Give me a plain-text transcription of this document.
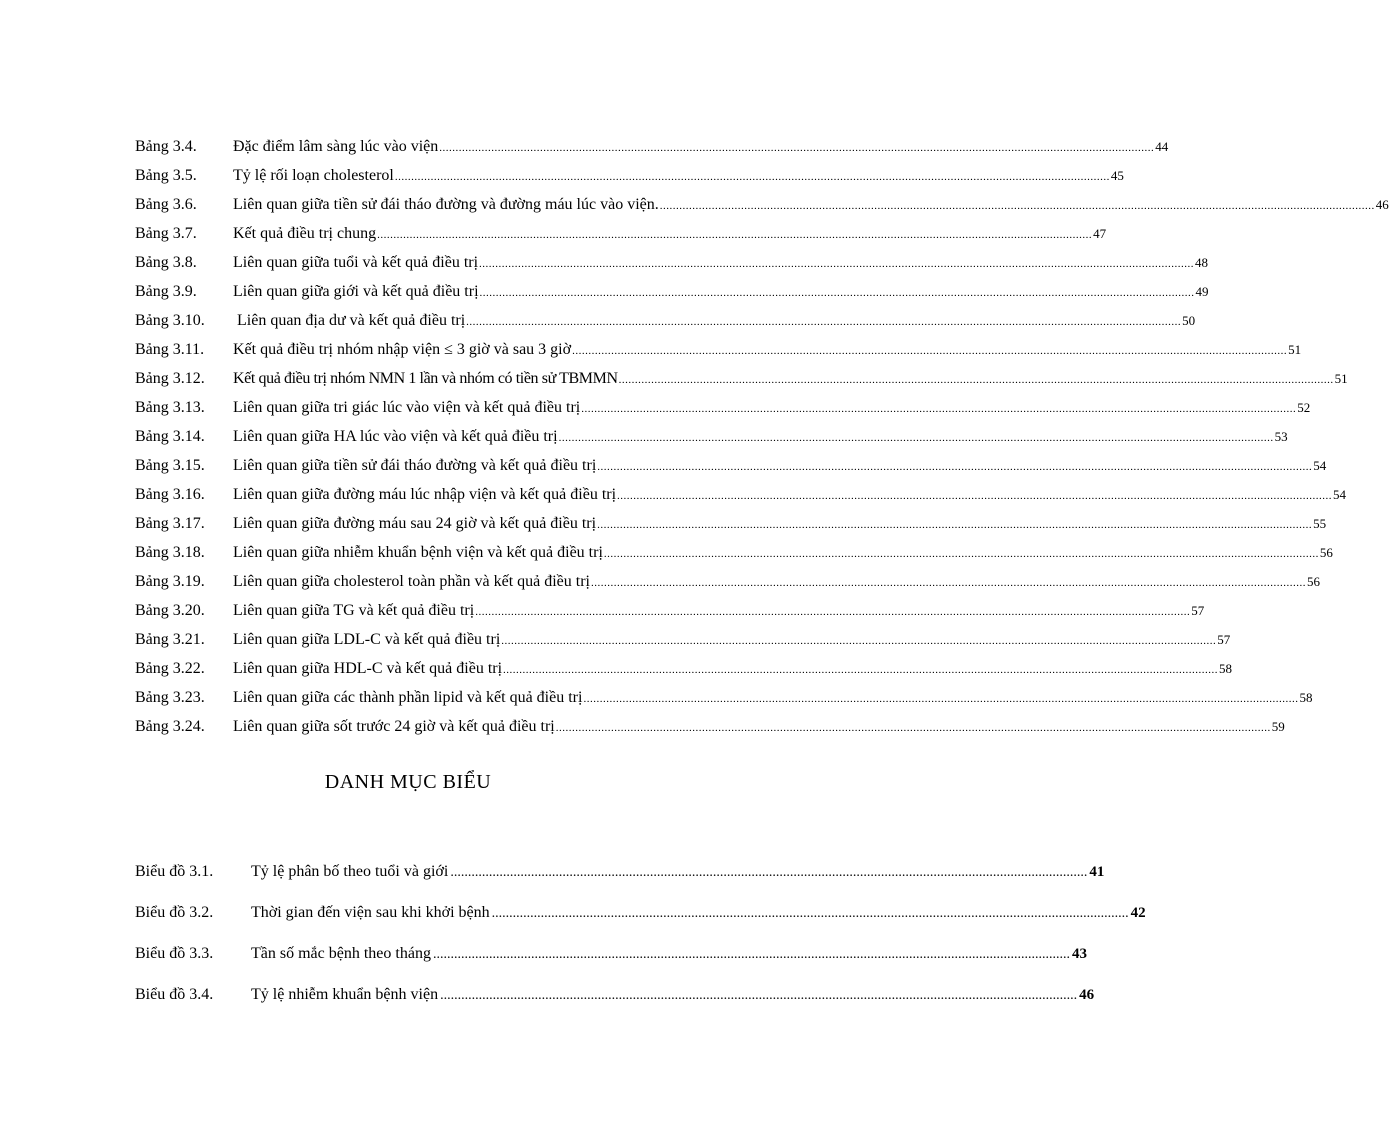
Bảng 3.4.	Đặc điểm lâm sàng lúc vào viện .....	44
Bảng 3.5.	Tỷ lệ rối loạn cholesterol .....	45
Bảng 3.6.	Liên quan giữa tiền sử đái tháo đường và đường máu lúc vào viện. .....	46
Bảng 3.7.	Kết quả điều trị chung .....	47
Bảng 3.8.	Liên quan giữa tuổi và kết quả điều trị .....	48
Bảng 3.9.	Liên quan giữa giới và kết quả điều trị .....	49
Bảng 3.10.	Liên quan địa dư và kết quả điều trị .....	50
Bảng 3.11.	Kết quả điều trị nhóm nhập viện ≤ 3 giờ và sau 3 giờ .....	51
Bảng 3.12.	Kết quả điều trị nhóm NMN 1 lần và nhóm có tiền sử TBMMN .....	51
Bảng 3.13.	Liên quan giữa tri giác lúc vào viện và kết quả điều trị .....	52
Bảng 3.14.	Liên quan giữa HA lúc vào viện và kết quả điều trị .....	53
Bảng 3.15.	Liên quan giữa tiền sử đái tháo đường và kết quả điều trị .....	54
Bảng 3.16.	Liên quan giữa đường máu lúc nhập viện và kết quả điều trị .....	54
Bảng 3.17.	Liên quan giữa đường máu sau 24 giờ và kết quả điều trị .....	55
Bảng 3.18.	Liên quan giữa nhiễm khuẩn bệnh viện và kết quả điều trị .....	56
Bảng 3.19.	Liên quan giữa cholesterol toàn phần và kết quả điều trị .....	56
Bảng 3.20.	Liên quan giữa TG và kết quả điều trị .....	57
Bảng 3.21.	Liên quan giữa LDL-C và kết quả điều trị .....	57
Bảng 3.22.	Liên quan giữa HDL-C và kết quả điều trị .....	58
Bảng 3.23.	Liên quan giữa các thành phần lipid và kết quả điều trị .....	58
Bảng 3.24.	Liên quan giữa sốt trước 24 giờ và kết quả điều trị .....	59
DANH MỤC BIỂU
Biểu đồ 3.1.	Tỷ lệ phân bố theo tuổi và giới .....	41
Biểu đồ 3.2.	Thời gian đến viện sau khi khởi bệnh .....	42
Biểu đồ 3.3.	Tần số mắc bệnh theo tháng .....	43
Biểu đồ 3.4.	Tỷ lệ nhiễm khuẩn bệnh viện .....	46
